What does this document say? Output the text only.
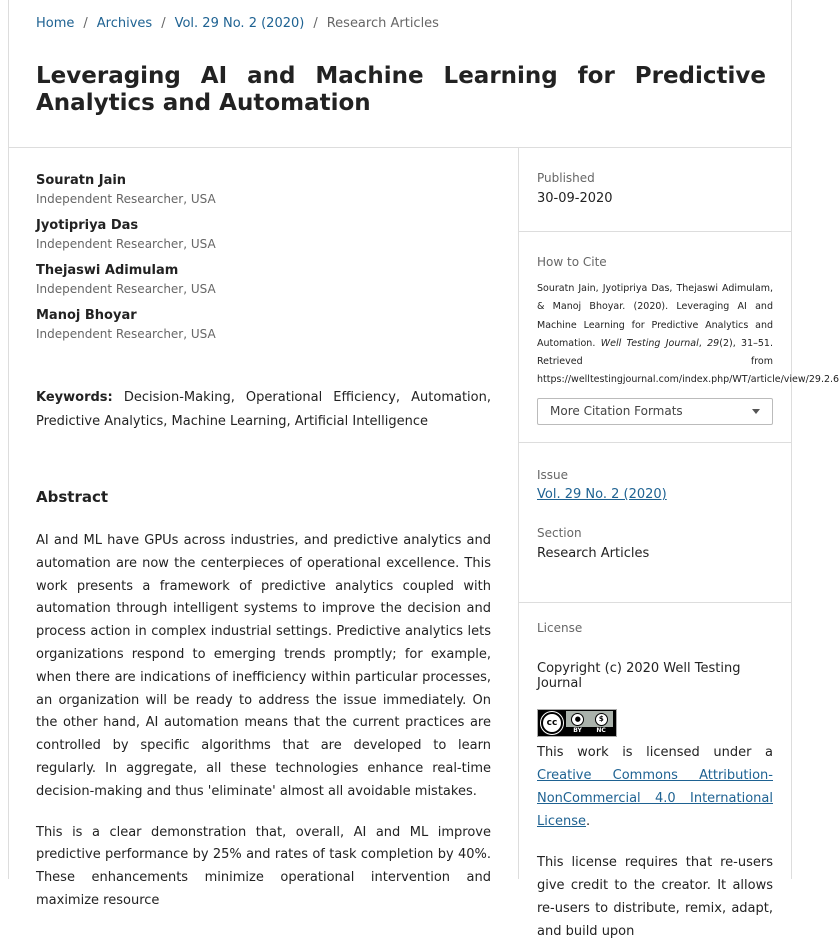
Home / Archives / Vol. 29 No. 2 (2020) / Research Articles
Leveraging AI and Machine Learning for Predictive Analytics and Automation
Souratn Jain
Independent Researcher, USA
Jyotipriya Das
Independent Researcher, USA
Thejaswi Adimulam
Independent Researcher, USA
Manoj Bhoyar
Independent Researcher, USA
Keywords: Decision-Making, Operational Efficiency, Automation, Predictive Analytics, Machine Learning, Artificial Intelligence
Abstract

AI and ML have GPUs across industries, and predictive analytics and automation are now the centerpieces of operational excellence. This work presents a framework of predictive analytics coupled with automation through intelligent systems to improve the decision and process action in complex industrial settings. Predictive analytics lets organizations respond to emerging trends promptly; for example, when there are indications of inefficiency within particular processes, an organization will be ready to address the issue immediately. On the other hand, AI automation means that the current practices are controlled by specific algorithms that are developed to learn regularly. In aggregate, all these technologies enhance real-time decision-making and thus 'eliminate' almost all avoidable mistakes.

This is a clear demonstration that, overall, AI and ML improve predictive performance by 25% and rates of task completion by 40%. These enhancements minimize operational intervention and maximize resource

Published
30-09-2020
How to Cite
Souratn Jain, Jyotipriya Das, Thejaswi Adimulam, & Manoj Bhoyar. (2020). Leveraging AI and Machine Learning for Predictive Analytics and Automation. Well Testing Journal, 29(2), 31–51. Retrieved from https://welltestingjournal.com/index.php/WT/article/view/29.2.6
More Citation Formats
Issue
Vol. 29 No. 2 (2020)
Section
Research Articles
License
Copyright (c) 2020 Well Testing Journal
cc	●	$
BY NC

This work is licensed under a Creative Commons Attribution-NonCommercial 4.0 International License.

This license requires that re-users give credit to the creator. It allows re-users to distribute, remix, adapt, and build upon
